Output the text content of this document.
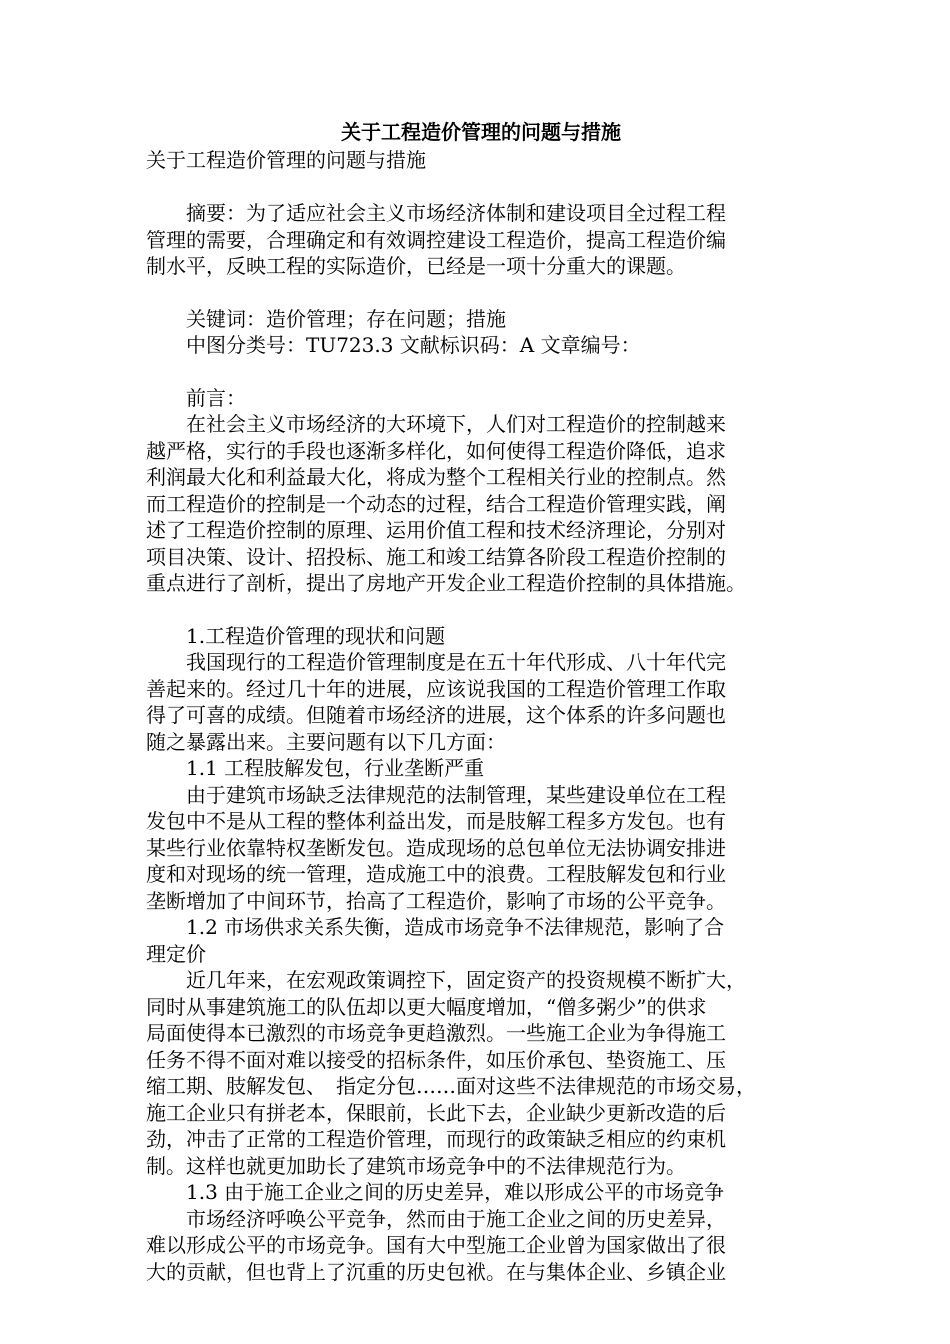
关于工程造价管理的问题与措施

关于工程造价管理的问题与措施

　　摘要：为了适应社会主义市场经济体制和建设项目全过程工程

管理的需要，合理确定和有效调控建设工程造价，提高工程造价编

制水平，反映工程的实际造价，已经是一项十分重大的课题。

　　关键词：造价管理；存在问题；措施

　　中图分类号：TU723.3 文献标识码：A 文章编号：

　　前言：

　　在社会主义市场经济的大环境下，人们对工程造价的控制越来

越严格，实行的手段也逐渐多样化，如何使得工程造价降低，追求

利润最大化和利益最大化，将成为整个工程相关行业的控制点。然

而工程造价的控制是一个动态的过程，结合工程造价管理实践，阐

述了工程造价控制的原理、运用价值工程和技术经济理论，分别对

项目决策、设计、招投标、施工和竣工结算各阶段工程造价控制的

重点进行了剖析，提出了房地产开发企业工程造价控制的具体措施。

　　1.工程造价管理的现状和问题

　　我国现行的工程造价管理制度是在五十年代形成、八十年代完

善起来的。经过几十年的进展，应该说我国的工程造价管理工作取

得了可喜的成绩。但随着市场经济的进展，这个体系的许多问题也

随之暴露出来。主要问题有以下几方面：

　　1.1 工程肢解发包，行业垄断严重

　　由于建筑市场缺乏法律规范的法制管理，某些建设单位在工程

发包中不是从工程的整体利益出发，而是肢解工程多方发包。也有

某些行业依靠特权垄断发包。造成现场的总包单位无法协调安排进

度和对现场的统一管理，造成施工中的浪费。工程肢解发包和行业

垄断增加了中间环节，抬高了工程造价，影响了市场的公平竞争。

　　1.2 市场供求关系失衡，造成市场竞争不法律规范，影响了合

理定价

　　近几年来，在宏观政策调控下，固定资产的投资规模不断扩大，

同时从事建筑施工的队伍却以更大幅度增加，“僧多粥少”的供求

局面使得本已激烈的市场竞争更趋激烈。一些施工企业为争得施工

任务不得不面对难以接受的招标条件，如压价承包、垫资施工、压

缩工期、肢解发包、　指定分包……面对这些不法律规范的市场交易，

施工企业只有拼老本，保眼前，长此下去，企业缺少更新改造的后

劲，冲击了正常的工程造价管理，而现行的政策缺乏相应的约束机

制。这样也就更加助长了建筑市场竞争中的不法律规范行为。

　　1.3 由于施工企业之间的历史差异，难以形成公平的市场竞争

　　市场经济呼唤公平竞争，然而由于施工企业之间的历史差异，

难以形成公平的市场竞争。国有大中型施工企业曾为国家做出了很

大的贡献，但也背上了沉重的历史包袱。在与集体企业、乡镇企业
